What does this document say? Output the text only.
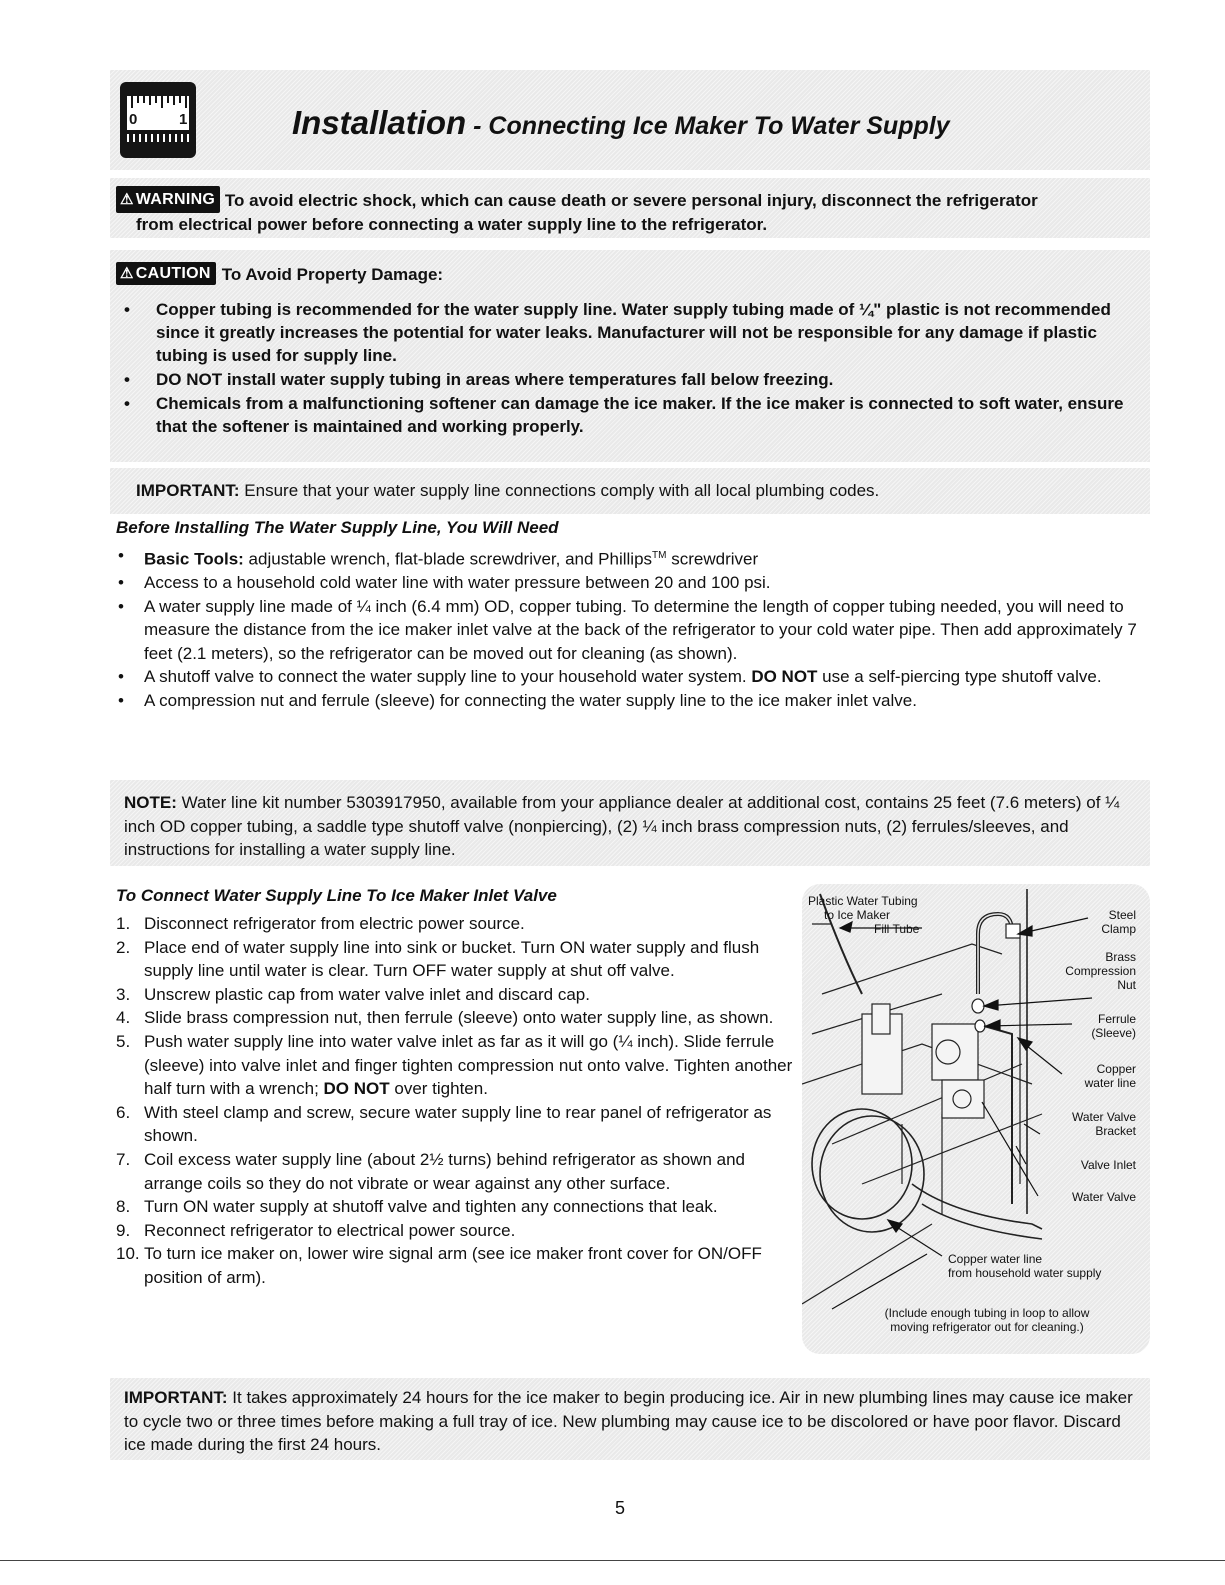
0	1	Installation - Connecting Ice Maker To Water Supply
⚠ WARNING To avoid electric shock, which can cause death or severe personal injury, disconnect the refrigerator
from electrical power before connecting a water supply line to the refrigerator.
⚠ CAUTION To Avoid Property Damage:
• Copper tubing is recommended for the water supply line. Water supply tubing made of ¼" plastic is not recommended since it greatly increases the potential for water leaks. Manufacturer will not be responsible for any damage if plastic tubing is used for supply line.
• DO NOT install water supply tubing in areas where temperatures fall below freezing.
• Chemicals from a malfunctioning softener can damage the ice maker. If the ice maker is connected to soft water, ensure that the softener is maintained and working properly.
IMPORTANT: Ensure that your water supply line connections comply with all local plumbing codes.
Before Installing The Water Supply Line, You Will Need
• Basic Tools: adjustable wrench, flat-blade screwdriver, and Phillips™ screwdriver
• Access to a household cold water line with water pressure between 20 and 100 psi.
• A water supply line made of ¼ inch (6.4 mm) OD, copper tubing. To determine the length of copper tubing needed, you will need to measure the distance from the ice maker inlet valve at the back of the refrigerator to your cold water pipe. Then add approximately 7 feet (2.1 meters), so the refrigerator can be moved out for cleaning (as shown).
• A shutoff valve to connect the water supply line to your household water system. DO NOT use a self-piercing type shutoff valve.
• A compression nut and ferrule (sleeve) for connecting the water supply line to the ice maker inlet valve.
NOTE: Water line kit number 5303917950, available from your appliance dealer at additional cost, contains 25 feet (7.6 meters) of ¼ inch OD copper tubing, a saddle type shutoff valve (nonpiercing), (2) ¼ inch brass compression nuts, (2) ferrules/sleeves, and instructions for installing a water supply line.
To Connect Water Supply Line To Ice Maker Inlet Valve
1. Disconnect refrigerator from electric power source.
2. Place end of water supply line into sink or bucket. Turn ON water supply and flush supply line until water is clear. Turn OFF water supply at shut off valve.
3. Unscrew plastic cap from water valve inlet and discard cap.
4. Slide brass compression nut, then ferrule (sleeve) onto water supply line, as shown.
5. Push water supply line into water valve inlet as far as it will go (¼ inch). Slide ferrule (sleeve) into valve inlet and finger tighten compression nut onto valve. Tighten another half turn with a wrench; DO NOT over tighten.
6. With steel clamp and screw, secure water supply line to rear panel of refrigerator as shown.
7. Coil excess water supply line (about 2½ turns) behind refrigerator as shown and arrange coils so they do not vibrate or wear against any other surface.
8. Turn ON water supply at shutoff valve and tighten any connections that leak.
9. Reconnect refrigerator to electrical power source.
10. To turn ice maker on, lower wire signal arm (see ice maker front cover for ON/OFF position of arm).
Plastic Water Tubing
to Ice Maker
Fill Tube
Steel
Clamp
Brass
Compression
Nut
Ferrule
(Sleeve)
Copper
water line
Water Valve
Bracket
Valve Inlet
Water Valve
Copper water line
from household water supply
(Include enough tubing in loop to allow
moving refrigerator out for cleaning.)
IMPORTANT: It takes approximately 24 hours for the ice maker to begin producing ice. Air in new plumbing lines may cause ice maker to cycle two or three times before making a full tray of ice. New plumbing may cause ice to be discolored or have poor flavor. Discard ice made during the first 24 hours.
5
